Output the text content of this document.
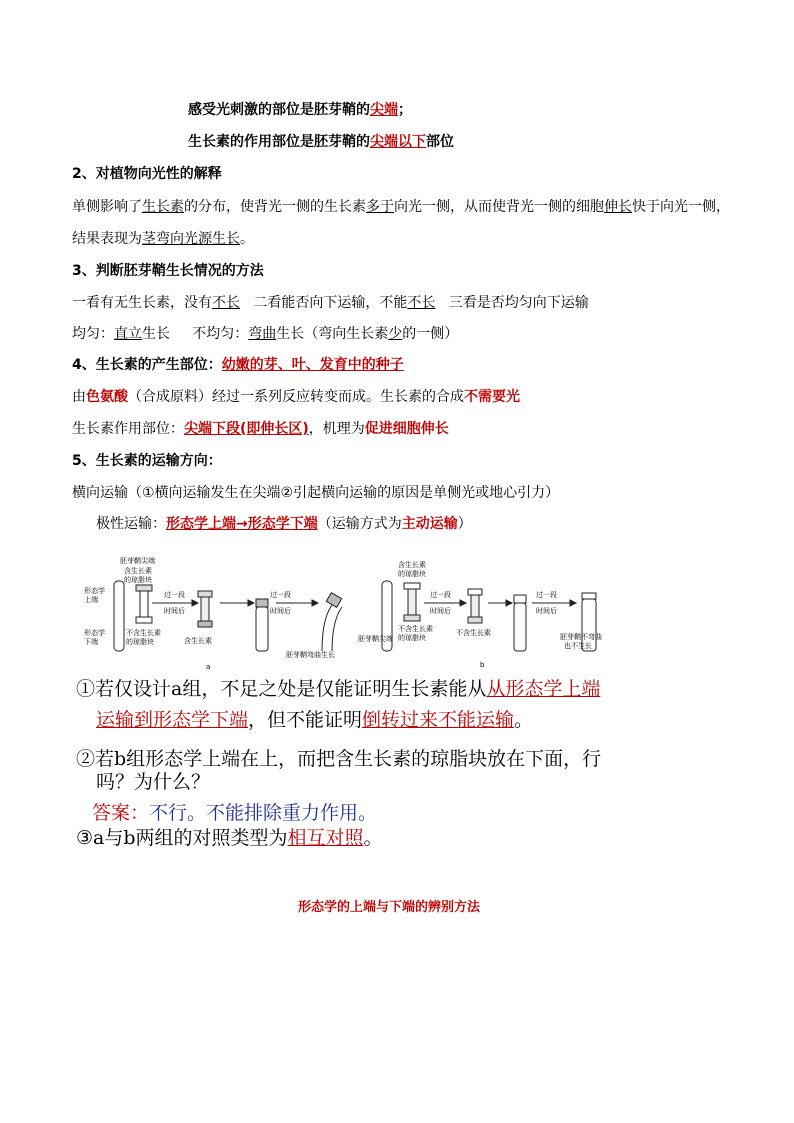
感受光刺激的部位是胚芽鞘的尖端；
生长素的作用部位是胚芽鞘的尖端以下部位
2、对植物向光性的解释
单侧影响了生长素的分布，使背光一侧的生长素多于向光一侧，从而使背光一侧的细胞伸长快于向光一侧，
结果表现为茎弯向光源生长。
3、判断胚芽鞘生长情况的方法
一看有无生长素，没有不长   二看能否向下运输，不能不长   三看是否均匀向下运输
均匀：直立生长     不均匀：弯曲生长（弯向生长素少的一侧）
4、生长素的产生部位：幼嫩的芽、叶、发育中的种子
由色氨酸（合成原料）经过一系列反应转变而成。生长素的合成不需要光
生长素作用部位：尖端下段(即伸长区)，机理为促进细胞伸长
5、生长素的运输方向：
横向运输（①横向运输发生在尖端②引起横向运输的原因是单侧光或地心引力）
极性运输：形态学上端→形态学下端（运输方式为主动运输）
胚芽鞘尖端
含生长素
的琼脂块
形态学
上端
形态学
下端
过一段
时间后
不含生长素
的琼脂块	含生长素
过一段
时间后
胚芽鞘弯曲生长
a
含生长素
的琼脂块
过一段
时间后
胚芽鞘尖端
不含生长素
的琼脂块
不含生长素
过一段
时间后
胚芽鞘不弯曲
也不生长
b
①若仅设计a组，不足之处是仅能证明生长素能从从形态学上端
运输到形态学下端，但不能证明倒转过来不能运输。
②若b组形态学上端在上，而把含生长素的琼脂块放在下面，行
吗？为什么？
答案：不行。不能排除重力作用。
③a与b两组的对照类型为相互对照。
形态学的上端与下端的辨别方法
